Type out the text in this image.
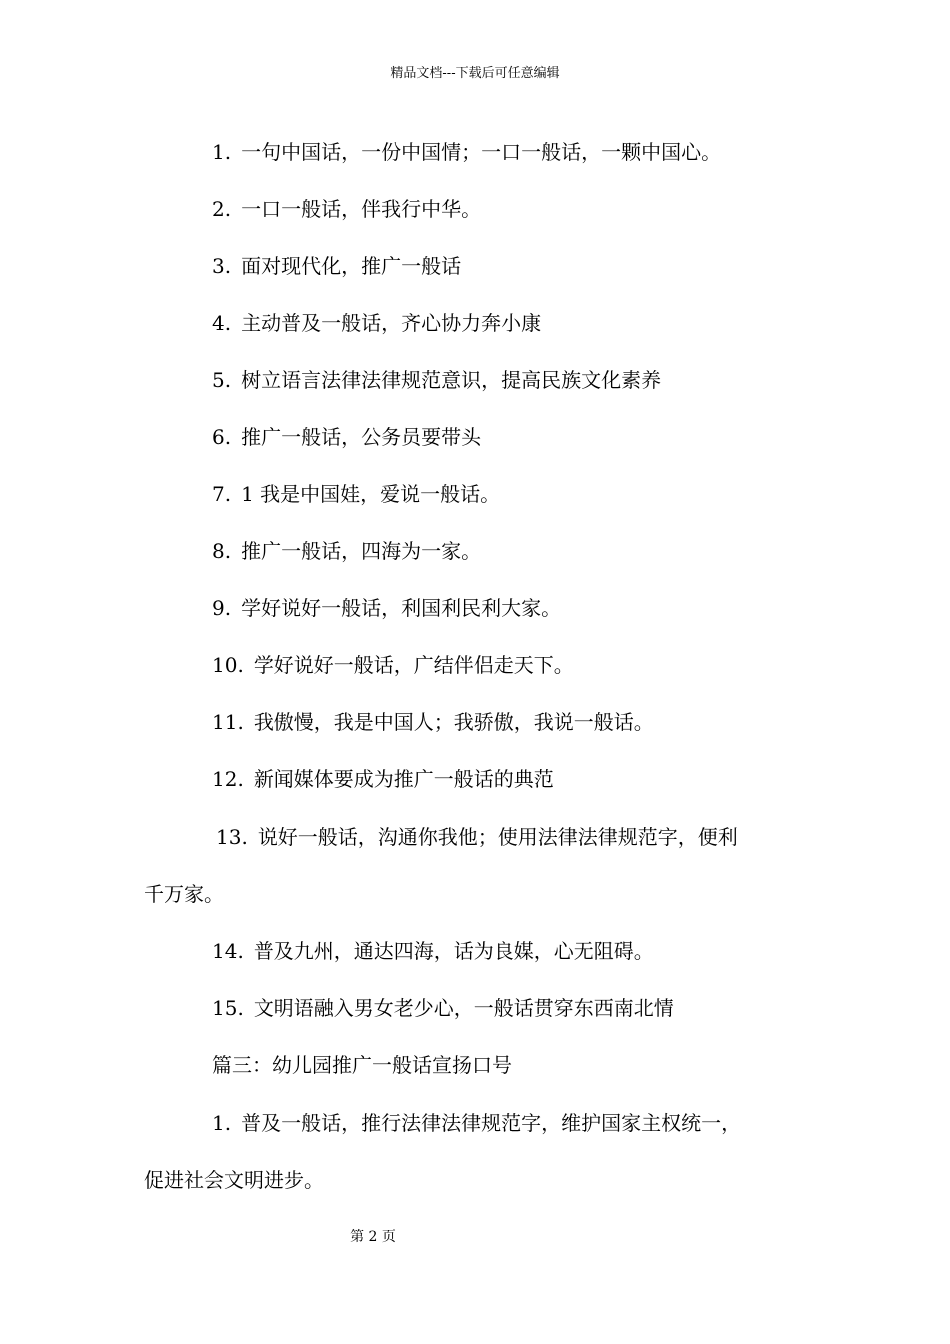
精品文档---下载后可任意编辑
1. 一句中国话，一份中国情；一口一般话，一颗中国心。
2. 一口一般话，伴我行中华。
3. 面对现代化，推广一般话
4. 主动普及一般话，齐心协力奔小康
5. 树立语言法律法律规范意识，提高民族文化素养
6. 推广一般话，公务员要带头
7. 1 我是中国娃，爱说一般话。
8. 推广一般话，四海为一家。
9. 学好说好一般话，利国利民利大家。
10. 学好说好一般话，广结伴侣走天下。
11. 我傲慢，我是中国人；我骄傲，我说一般话。
12. 新闻媒体要成为推广一般话的典范
13. 说好一般话，沟通你我他；使用法律法律规范字，便利
千万家。
14. 普及九州，通达四海，话为良媒，心无阻碍。
15. 文明语融入男女老少心，一般话贯穿东西南北情
篇三：幼儿园推广一般话宣扬口号
1. 普及一般话，推行法律法律规范字，维护国家主权统一，
促进社会文明进步。
第 2 页
